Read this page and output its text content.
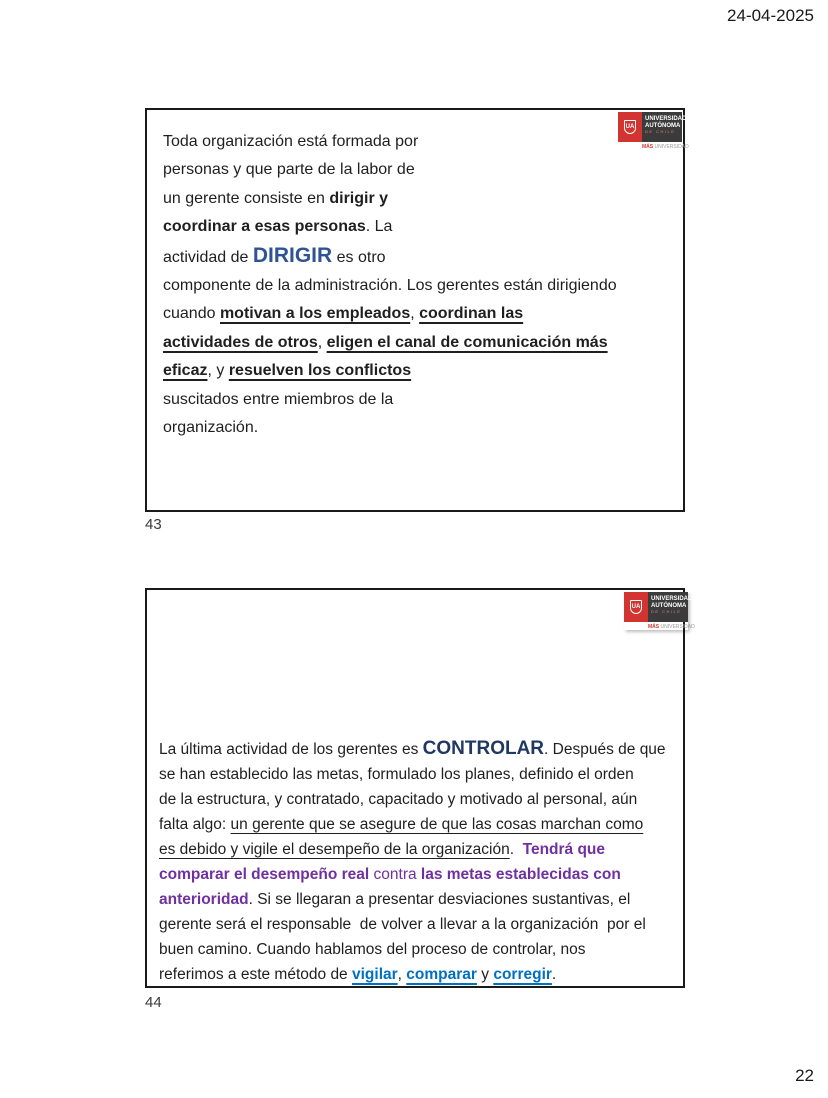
24-04-2025
UA
UNIVERSIDAD
AUTÓNOMA
DE CHILE
MÁS UNIVERSIDAD
Toda organización está formada por
personas y que parte de la labor de
un gerente consiste en dirigir y
coordinar a esas personas. La
actividad de DIRIGIR es otro
componente de la administración. Los gerentes están dirigiendo
cuando motivan a los empleados, coordinan las
actividades de otros, eligen el canal de comunicación más
eficaz, y resuelven los conflictos
suscitados entre miembros de la
organización.
43
UA
UNIVERSIDAD
AUTÓNOMA
DE CHILE
MÁS UNIVERSIDAD
La última actividad de los gerentes es CONTROLAR. Después de que
se han establecido las metas, formulado los planes, definido el orden
de la estructura, y contratado, capacitado y motivado al personal, aún
falta algo: un gerente que se asegure de que las cosas marchan como
es debido y vigile el desempeño de la organización.  Tendrá que
comparar el desempeño real contra las metas establecidas con
anterioridad. Si se llegaran a presentar desviaciones sustantivas, el
gerente será el responsable  de volver a llevar a la organización  por el
buen camino. Cuando hablamos del proceso de controlar, nos
referimos a este método de vigilar, comparar y corregir.
44
22
